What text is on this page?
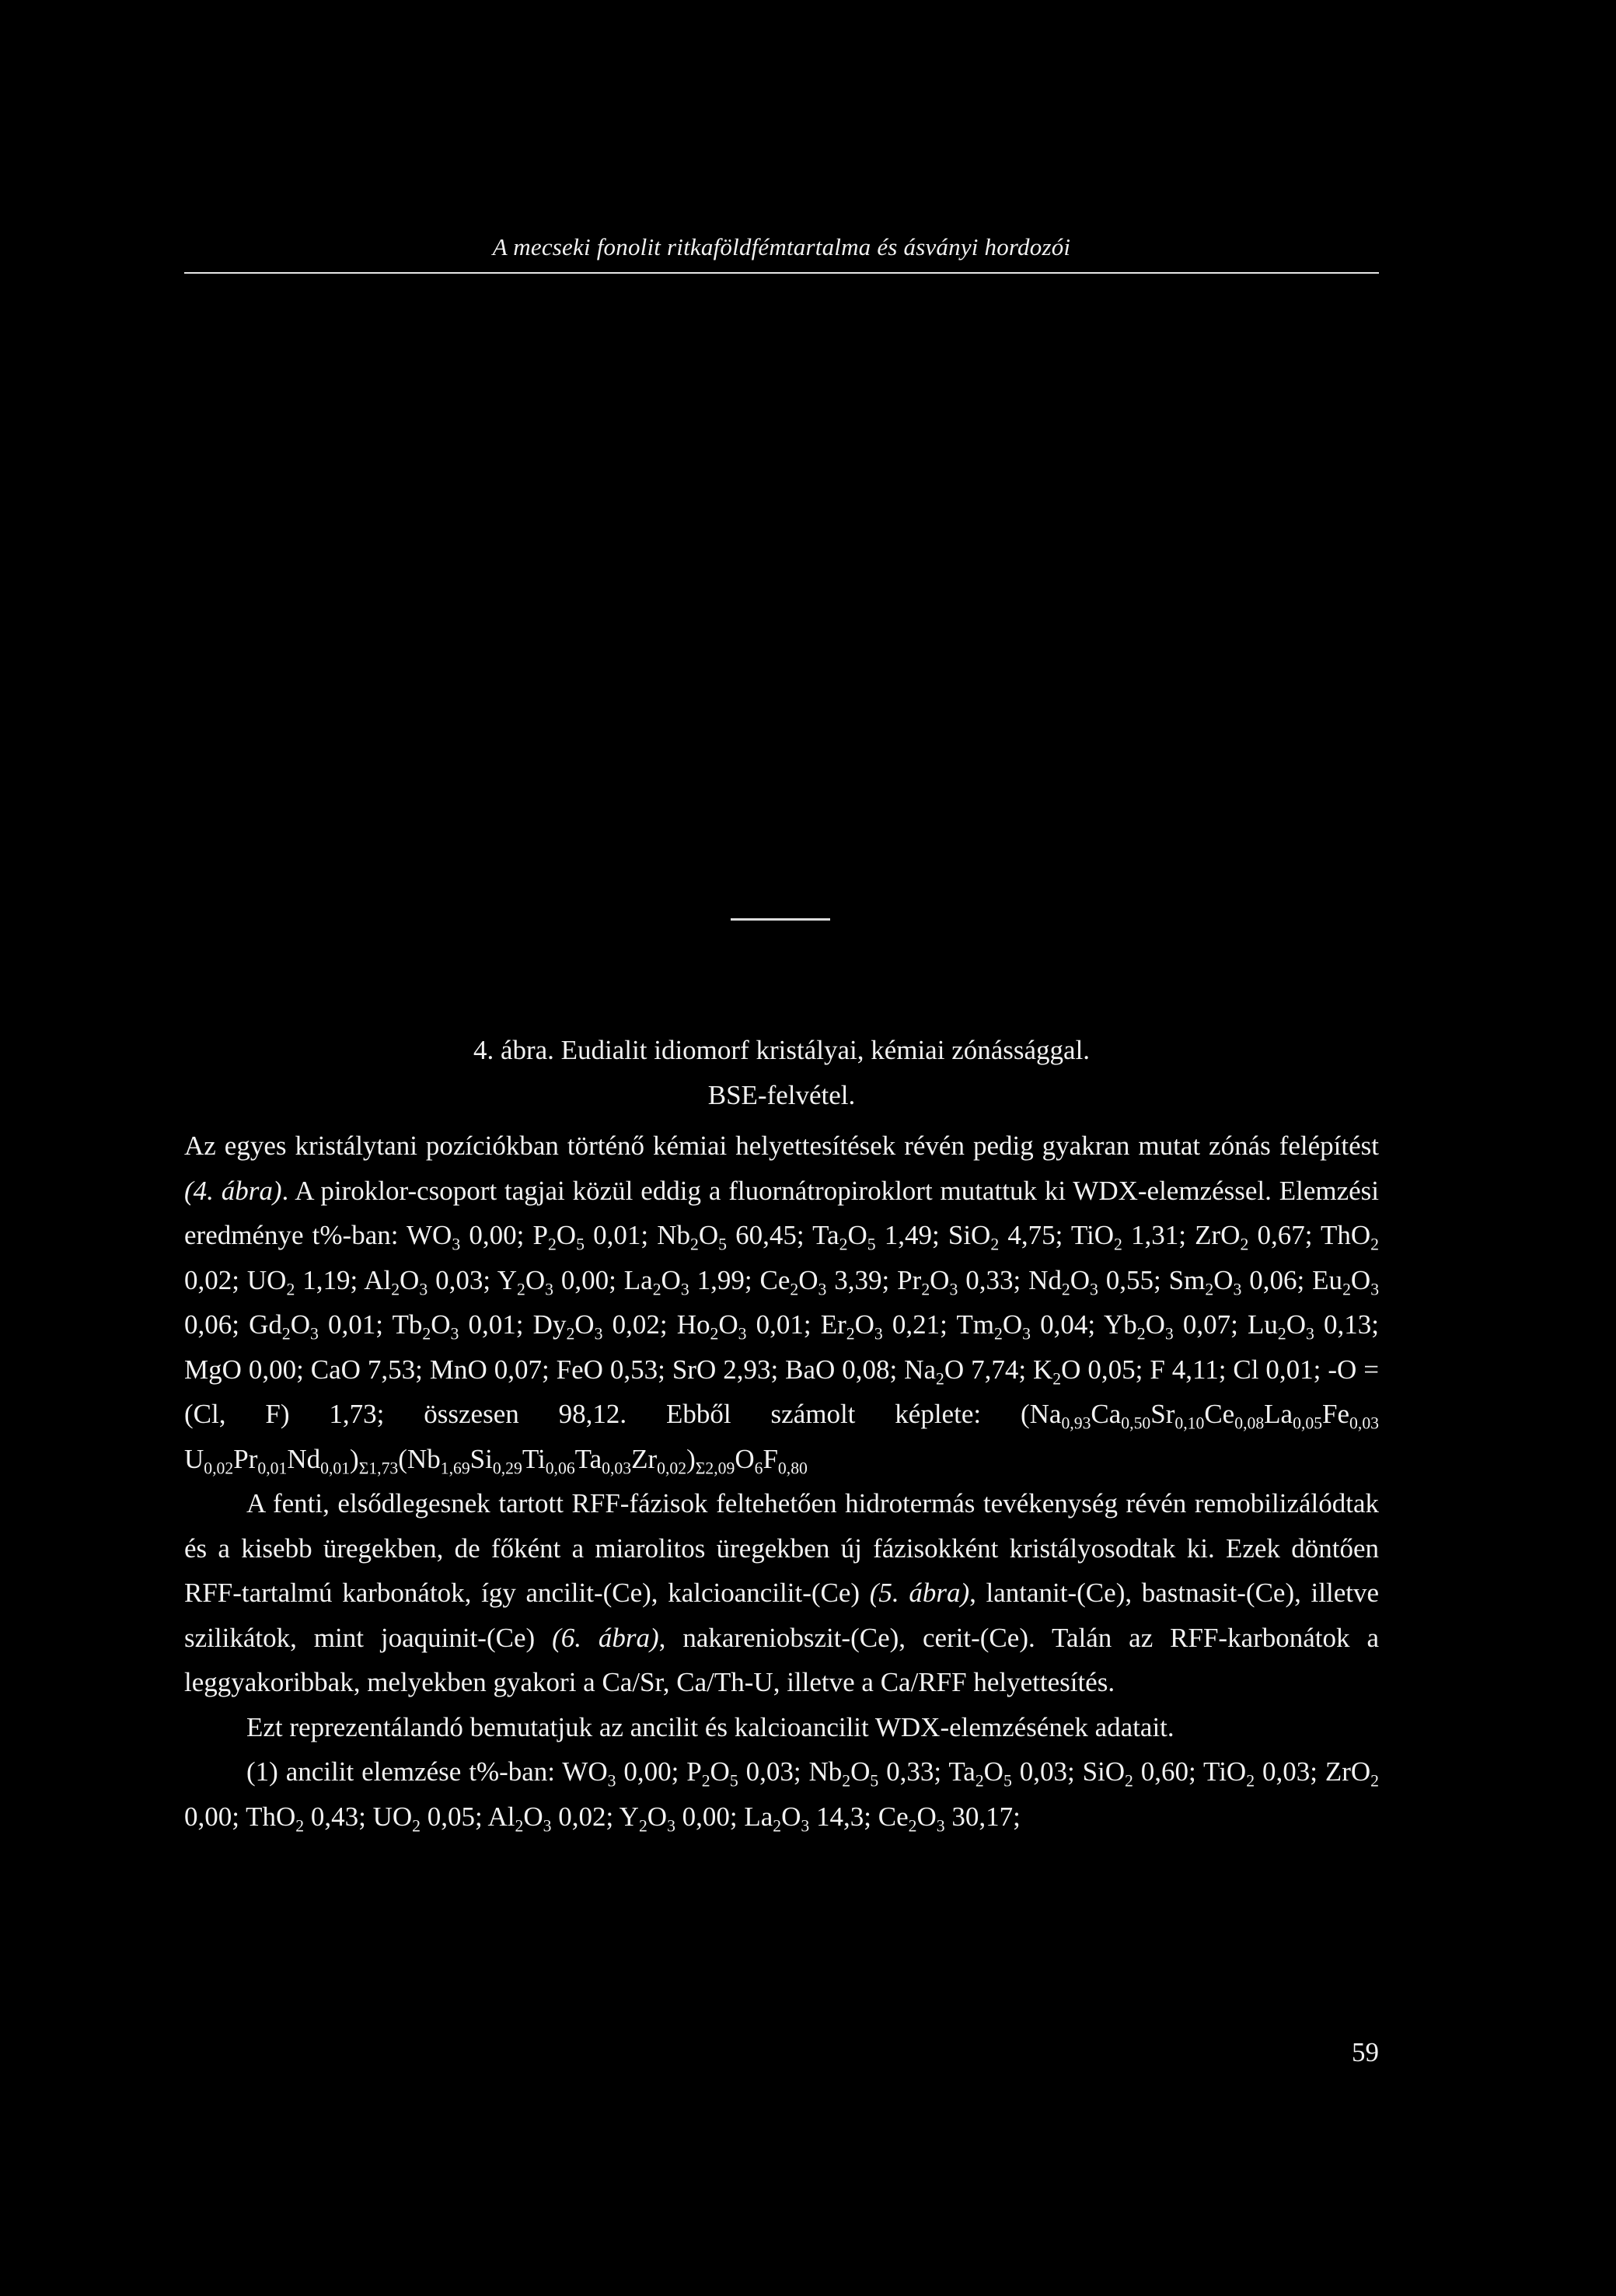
A mecseki fonolit ritkaföldfémtartalma és ásványi hordozói
4. ábra. Eudialit idiomorf kristályai, kémiai zónássággal.
BSE-felvétel.

Az egyes kristálytani pozíciókban történő kémiai helyettesítések révén pedig gyakran mutat zónás felépítést (4. ábra). A piroklor-csoport tagjai közül eddig a fluornátropiroklort mutattuk ki WDX-elemzéssel. Elemzési eredménye t%-ban: $WO_3$ 0,00; $P_2O_5$ 0,01; $Nb_2O_5$ 60,45; $Ta_2O_5$ 1,49; SiO$_2$ 4,75; TiO$_2$ 1,31; ZrO$_2$ 0,67; ThO$_2$ 0,02; $UO_2$ 1,19; $Al_2O_3$ 0,03; $Y_2O_3$ 0,00; $La_2O_3$ 1,99; $Ce_2O_3$ 3,39; $Pr_2O_3$ 0,33; $Nd_2O_3$ 0,55; $Sm_2O_3$ 0,06; $Eu_2O_3$ 0,06; $Gd_2O_3$ 0,01; $Tb_2O_3$ 0,01; $Dy_2O_3$ 0,02; $Ho_2O_3$ 0,01; $Er_2O_3$ 0,21; $Tm_2O_3$ 0,04; $Yb_2O_3$ 0,07; $Lu_2O_3$ 0,13; MgO 0,00; CaO 7,53; MnO 0,07; FeO 0,53; SrO 2,93; BaO 0,08; $Na_2O$ 7,74; $K_2O$ 0,05; F 4,11; Cl 0,01; -O = (Cl, F) 1,73; összesen 98,12. Ebből számolt képlete: ($Na_{0,93}Ca_{0,50}Sr_{0,10}Ce_{0,08}La_{0,05}Fe_{0,03}$ $U_{0,02}Pr_{0,01}Nd_{0,01})_{\Sigma 1,73}(Nb_{1,69}Si_{0,29}Ti_{0,06}Ta_{0,03}Zr_{0,02})_{\Sigma 2,09}O_6F_{0,80}$

A fenti, elsődlegesnek tartott RFF-fázisok feltehetően hidrotermás tevékenység révén remobilizálódtak és a kisebb üregekben, de főként a miarolitos üregekben új fázisokként kristályosodtak ki. Ezek döntően RFF-tartalmú karbonátok, így ancilit-(Ce), kalcioancilit-(Ce) (5. ábra), lantanit-(Ce), bastnasit-(Ce), illetve szilikátok, mint joaquinit-(Ce) (6. ábra), nakareniobszit-(Ce), cerit-(Ce). Talán az RFF-karbonátok a leggyakoribbak, melyekben gyakori a Ca/Sr, Ca/Th-U, illetve a Ca/RFF helyettesítés.

Ezt reprezentálandó bemutatjuk az ancilit és kalcioancilit WDX-elemzésének adatait.

(1) ancilit elemzése t%-ban: $WO_3$ 0,00; $P_2O_5$ 0,03; $Nb_2O_5$ 0,33; $Ta_2O_5$ 0,03; SiO$_2$ 0,60; TiO$_2$ 0,03; ZrO$_2$ 0,00; ThO$_2$ 0,43; $UO_2$ 0,05; $Al_2O_3$ 0,02; $Y_2O_3$ 0,00; $La_2O_3$ 14,3; $Ce_2O_3$ 30,17;

59
